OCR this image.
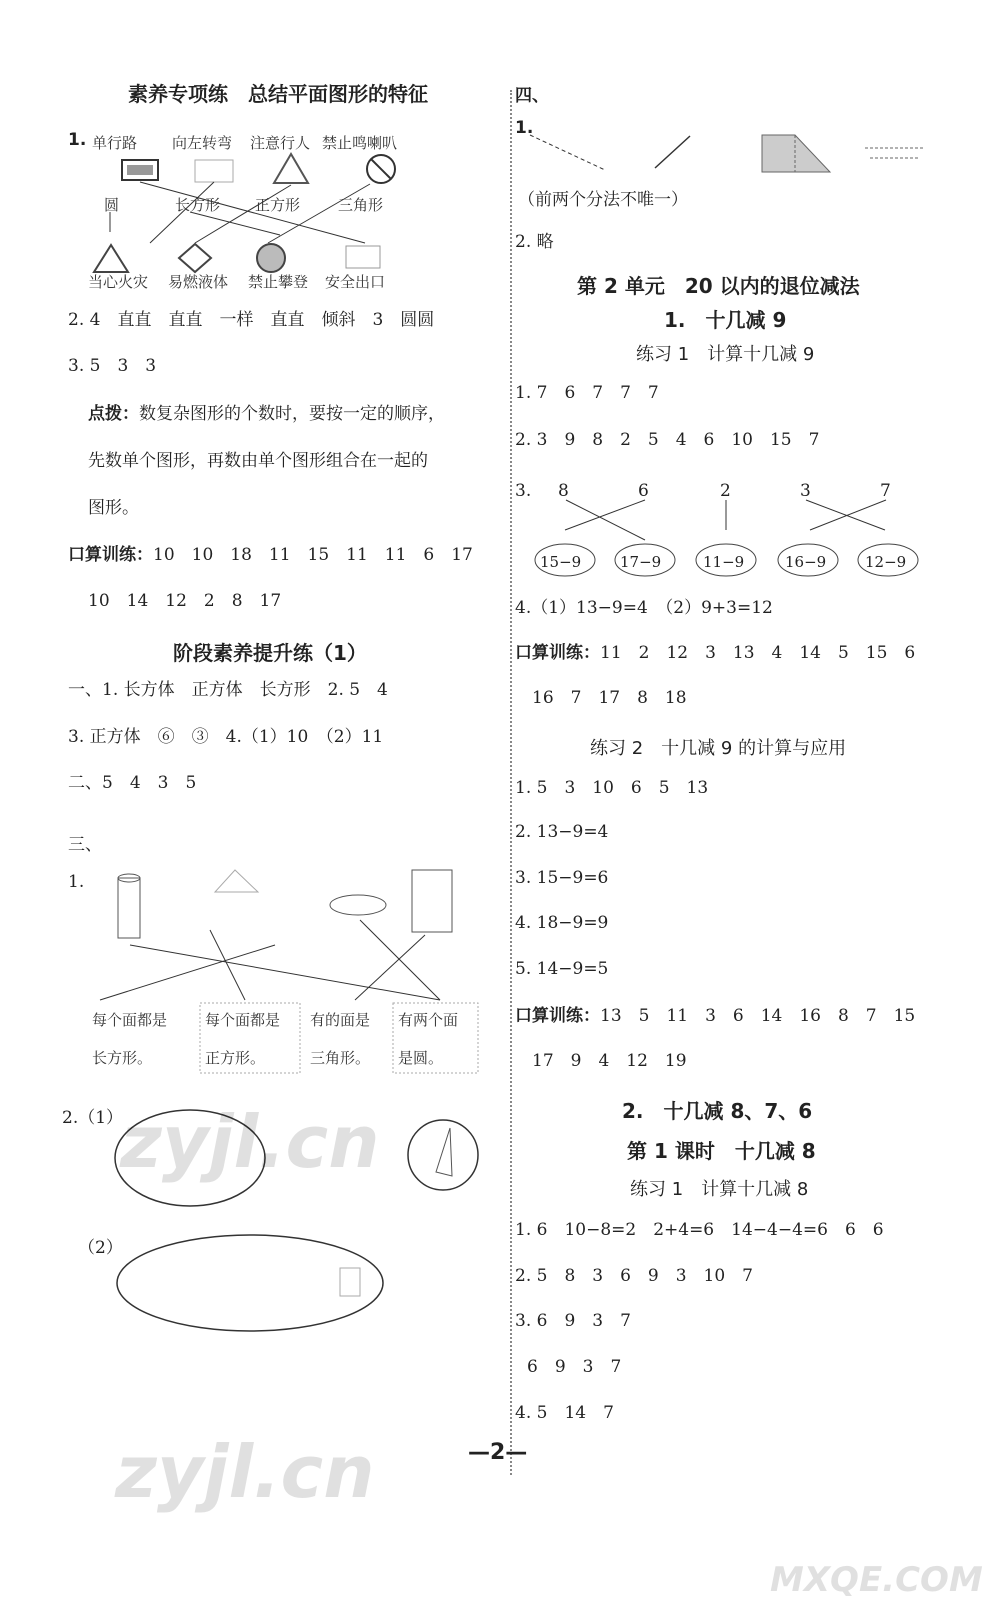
素养专项练　总结平面图形的特征
1. 单行路 向左转弯 注意行人 禁止鸣喇叭
圆	长方形 正方形	三角形
当心火灾 易燃液体 禁止攀登 安全出口
2. 4　直直　直直　一样　直直　倾斜　3　圆圆
3. 5　3　3
点拨：数复杂图形的个数时，要按一定的顺序，
先数单个图形，再数由单个图形组合在一起的
图形。
口算训练：10　10　18　11　15　11　11　6　17
10　14　12　2　8　17
阶段素养提升练（1）
一、1. 长方体　正方体　长方形　2. 5　4
3. 正方体　⑥　③　4.（1）10　（2）11
二、5　4　3　5
三、
1.
每个面都是
长方形。
每个面都是
正方形。
有的面是
三角形。
有两个面
是圆。
2.（1）
（2）
四、
1.
（前两个分法不唯一）
2. 略
第 2 单元　20 以内的退位减法
1.　十几减 9
练习 1　计算十几减 9
1. 7　6　7　7　7
2. 3　9　8　2　5　4　6　10　15　7
3. 8	6	2	3	7
15−9	17−9	11−9	16−9	12−9
4.（1）13−9=4　（2）9+3=12
口算训练：11　2　12　3　13　4　14　5　15　6
16　7　17　8　18
练习 2　十几减 9 的计算与应用
1. 5　3　10　6　5　13
2. 13−9=4
3. 15−9=6
4. 18−9=9
5. 14−9=5
口算训练：13　5　11　3　6　14　16　8　7　15
17　9　4　12　19
2.　十几减 8、7、6
第 1 课时　十几减 8
练习 1　计算十几减 8
1. 6　10−8=2　2+4=6　14−4−4=6　6　6
2. 5　8　3　6　9　3　10　7
3. 6　9　3　7
6　9　3　7
4. 5　14　7
—2—
zyjl.cn
zyjl.cn
MXQE.COM
